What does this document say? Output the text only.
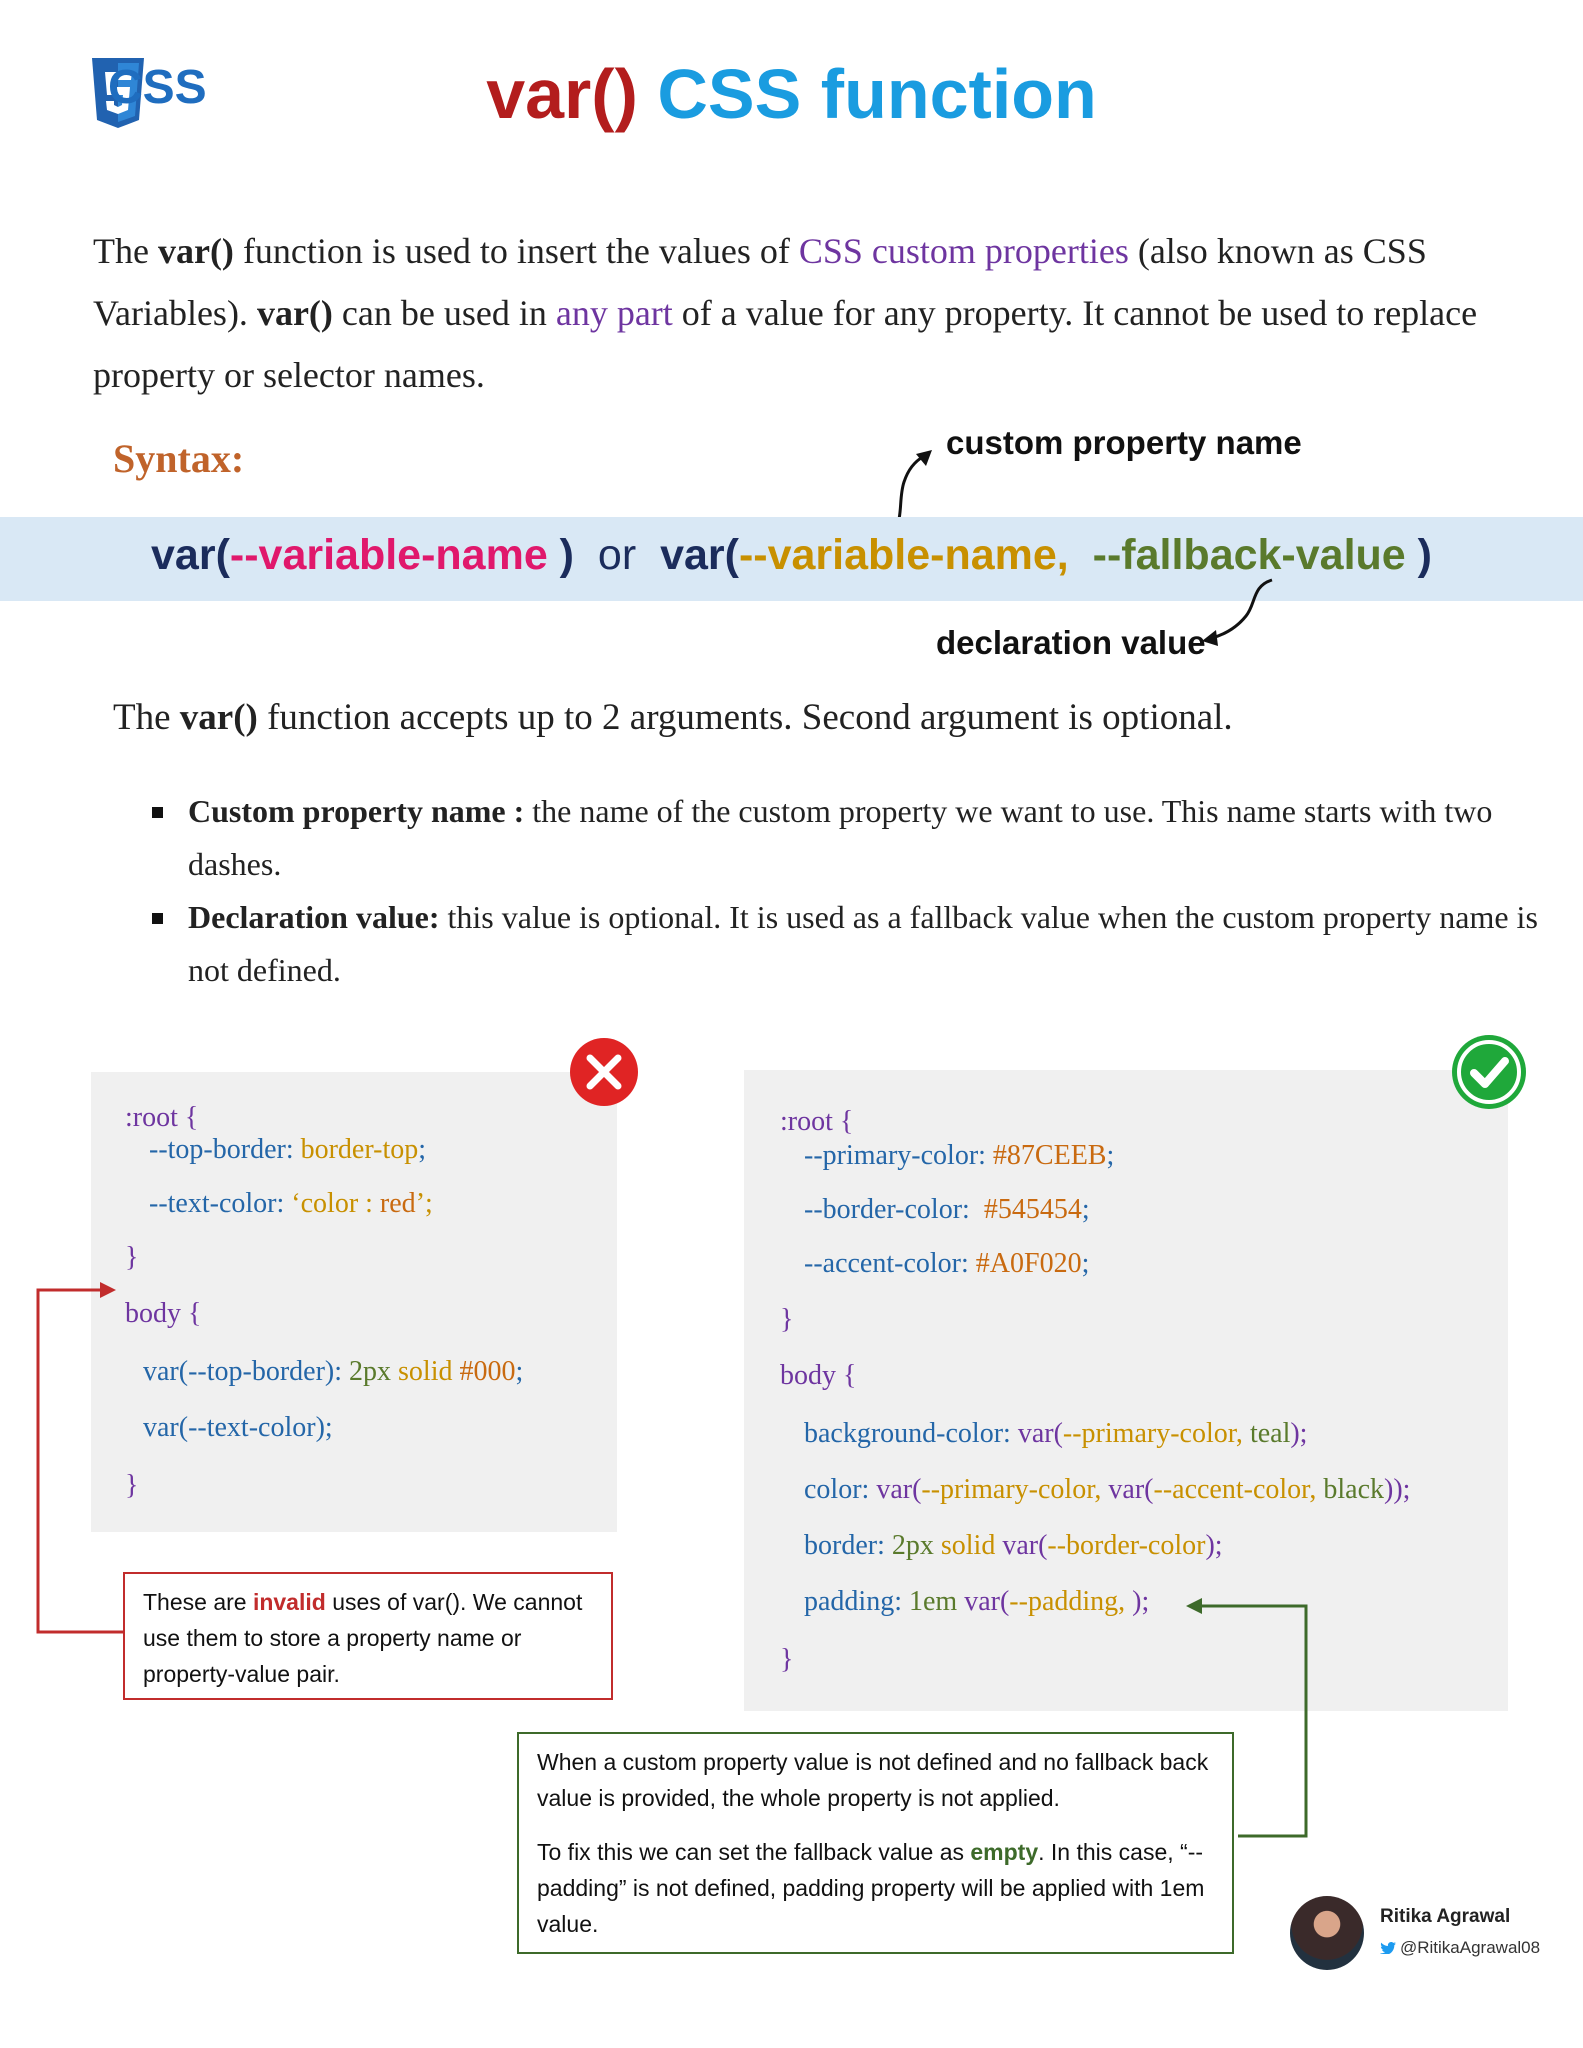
CSS	var() CSS function
The var() function is used to insert the values of CSS custom properties (also known as CSS Variables). var() can be used in any part of a value for any property. It cannot be used to replace property or selector names.
Syntax:	custom property name
var(--variable-name ) or var(--variable-name, --fallback-value )
declaration value
The var() function accepts up to 2 arguments. Second argument is optional.
Custom property name : the name of the custom property we want to use. This name starts with two dashes.
Declaration value: this value is optional. It is used as a fallback value when the custom property name is not defined.
:root {
--top-border: border-top;
--text-color: ‘color : red’;
}
body {
var(--top-border): 2px solid #000;
var(--text-color);
}
These are invalid uses of var(). We cannot use them to store a property name or property-value pair.
:root {
--primary-color: #87CEEB;
--border-color:  #545454;
--accent-color: #A0F020;
}
body {
background-color: var(--primary-color, teal);
color: var(--primary-color, var(--accent-color, black));
border: 2px solid var(--border-color);
padding: 1em var(--padding, );
}
When a custom property value is not defined and no fallback back value is provided, the whole property is not applied.
To fix this we can set the fallback value as empty. In this case, “--padding” is not defined, padding property will be applied with 1em value.	Ritika Agrawal
@RitikaAgrawal08
